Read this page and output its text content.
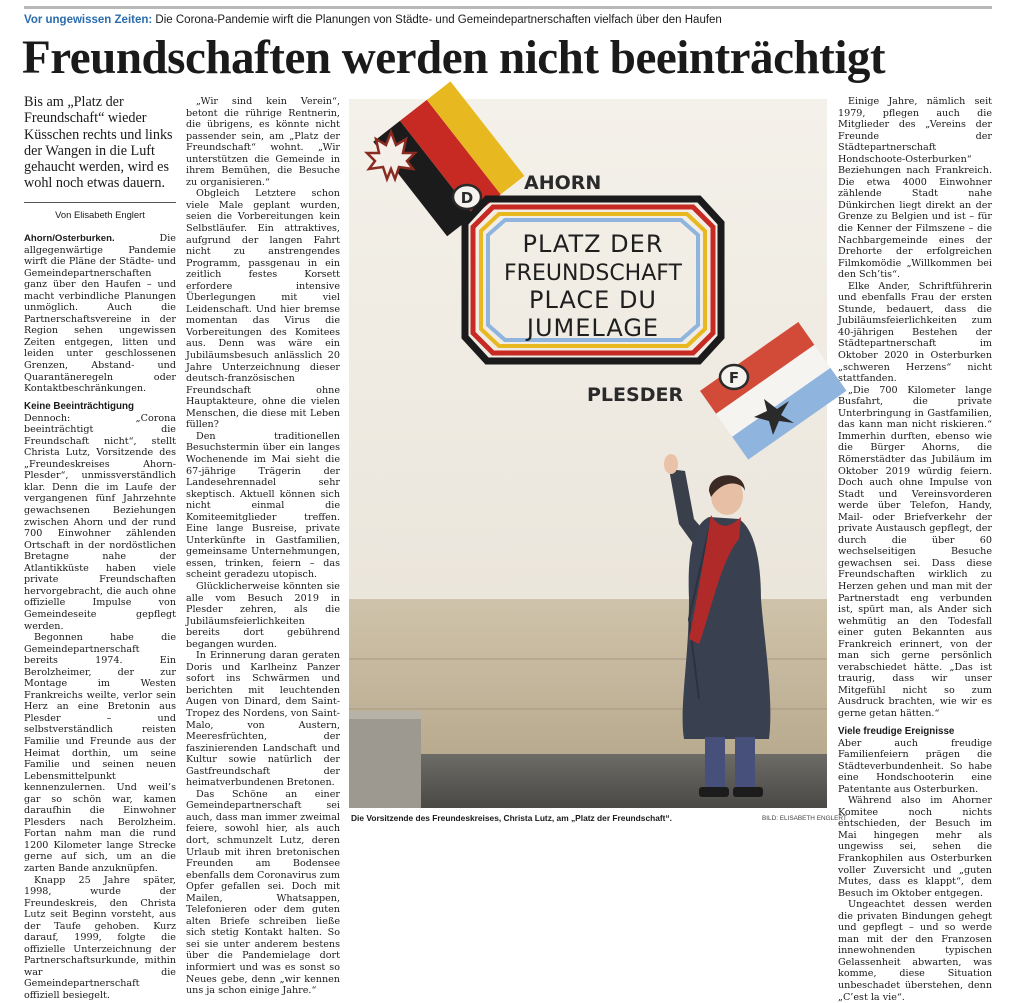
Vor ungewissen Zeiten: Die Corona-Pandemie wirft die Planungen von Städte- und Gemeindepartnerschaften vielfach über den Haufen
Freundschaften werden nicht beeinträchtigt
Bis am „Platz der Freundschaft“ wieder Küsschen rechts und links der Wangen in die Luft gehaucht werden, wird es wohl noch etwas dauern.
Von Elisabeth Englert

Ahorn/Osterburken. Die allgegenwärtige Pandemie wirft die Pläne der Städte- und Gemeindepartnerschaften ganz über den Haufen – und macht verbindliche Planungen unmöglich. Auch die Partnerschaftsvereine in der Region sehen ungewissen Zeiten entgegen, litten und leiden unter geschlossenen Grenzen, Abstand- und Quarantäneregeln oder Kontaktbeschränkungen.

Keine Beeinträchtigung

Dennoch: „Corona beeinträchtigt die Freundschaft nicht“, stellt Christa Lutz, Vorsitzende des „Freundeskreises Ahorn-Plesder“, unmissverständlich klar. Denn die im Laufe der vergangenen fünf Jahrzehnte gewachsenen Beziehungen zwischen Ahorn und der rund 700 Einwohner zählenden Ortschaft in der nordöstlichen Bretagne nahe der Atlantikküste haben viele private Freundschaften hervorgebracht, die auch ohne offizielle Impulse von Gemeindeseite gepflegt werden.

Begonnen habe die Gemeindepartnerschaft bereits 1974. Ein Berolzheimer, der zur Montage im Westen Frankreichs weilte, verlor sein Herz an eine Bretonin aus Plesder – und selbstverständlich reisten Familie und Freunde aus der Heimat dorthin, um seine Familie und seinen neuen Lebensmittelpunkt kennenzulernen. Und weil’s gar so schön war, kamen daraufhin die Einwohner Plesders nach Berolzheim. Fortan nahm man die rund 1200 Kilometer lange Strecke gerne auf sich, um an die zarten Bande anzuknüpfen.

Knapp 25 Jahre später, 1998, wurde der Freundeskreis, den Christa Lutz seit Beginn vorsteht, aus der Taufe gehoben. Kurz darauf, 1999, folgte die offizielle Unterzeichnung der Partnerschaftsurkunde, mithin war die Gemeindepartnerschaft offiziell besiegelt.

„Wir sind kein Verein“, betont die rührige Rentnerin, die übrigens, es könnte nicht passender sein, am „Platz der Freundschaft“ wohnt. „Wir unterstützen die Gemeinde in ihrem Bemühen, die Besuche zu organisieren.“

Obgleich Letztere schon viele Male geplant wurden, seien die Vorbereitungen kein Selbstläufer. Ein attraktives, aufgrund der langen Fahrt nicht zu anstrengendes Programm, passgenau in ein zeitlich festes Korsett erfordere intensive Überlegungen mit viel Leidenschaft. Und hier bremse momentan das Virus die Vorbereitungen des Komitees aus. Denn was wäre ein Jubiläumsbesuch anlässlich 20 Jahre Unterzeichnung dieser deutsch-französischen Freundschaft ohne Hauptakteure, ohne die vielen Menschen, die diese mit Leben füllen?

Den traditionellen Besuchstermin über ein langes Wochenende im Mai sieht die 67-jährige Trägerin der Landesehrennadel sehr skeptisch. Aktuell können sich nicht einmal die Komiteemitglieder treffen. Eine lange Busreise, private Unterkünfte in Gastfamilien, gemeinsame Unternehmungen, essen, trinken, feiern – das scheint geradezu utopisch.

Glücklicherweise könnten sie alle vom Besuch 2019 in Plesder zehren, als die Jubiläumsfeierlichkeiten bereits dort gebührend begangen wurden.

In Erinnerung daran geraten Doris und Karlheinz Panzer sofort ins Schwärmen und berichten mit leuchtenden Augen von Dinard, dem Saint-Tropez des Nordens, von Saint-Malo, von Austern, Meeresfrüchten, der faszinierenden Landschaft und Kultur sowie natürlich der Gastfreundschaft der heimatverbundenen Bretonen.

Das Schöne an einer Gemeindepartnerschaft sei auch, dass man immer zweimal feiere, sowohl hier, als auch dort, schmunzelt Lutz, deren Urlaub mit ihren bretonischen Freunden am Bodensee ebenfalls dem Coronavirus zum Opfer gefallen sei. Doch mit Mailen, Whatsappen, Telefonieren oder dem guten alten Briefe schreiben ließe sich stetig Kontakt halten. So sei sie unter anderem bestens über die Pandemielage dort informiert und was es sonst so Neues gebe, denn „wir kennen uns ja schon einige Jahre.“

Einige Jahre, nämlich seit 1979, pflegen auch die Mitglieder des „Vereins der Freunde der Städtepartnerschaft Hondschoote-Osterburken“ Beziehungen nach Frankreich. Die etwa 4000 Einwohner zählende Stadt nahe Dünkirchen liegt direkt an der Grenze zu Belgien und ist – für die Kenner der Filmszene – die Nachbargemeinde eines der Drehorte der erfolgreichen Filmkomödie „Willkommen bei den Sch’tis“.

Elke Ander, Schriftführerin und ebenfalls Frau der ersten Stunde, bedauert, dass die Jubiläumsfeierlichkeiten zum 40-jährigen Bestehen der Städtepartnerschaft im Oktober 2020 in Osterburken „schweren Herzens“ nicht stattfanden.

„Die 700 Kilometer lange Busfahrt, die private Unterbringung in Gastfamilien, das kann man nicht riskieren.“ Immerhin durften, ebenso wie die Bürger Ahorns, die Römerstädter das Jubiläum im Oktober 2019 würdig feiern. Doch auch ohne Impulse von Stadt und Vereinsvorderen werde über Telefon, Handy, Mail- oder Briefverkehr der private Austausch gepflegt, der durch die über 60 wechselseitigen Besuche gewachsen sei. Dass diese Freundschaften wirklich zu Herzen gehen und man mit der Partnerstadt eng verbunden ist, spürt man, als Ander sich wehmütig an den Todesfall einer guten Bekannten aus Frankreich erinnert, von der man sich gerne persönlich verabschiedet hätte. „Das ist traurig, dass wir unser Mitgefühl nicht so zum Ausdruck brachten, wie wir es gerne getan hätten.“

Viele freudige Ereignisse

Aber auch freudige Familienfeiern prägen die Städteverbundenheit. So habe eine Hondschooterin eine Patentante aus Osterburken.

Während also im Ahorner Komitee noch nichts entschieden, der Besuch im Mai hingegen mehr als ungewiss sei, sehen die Frankophilen aus Osterburken voller Zuversicht und „guten Mutes, dass es klappt“, dem Besuch im Oktober entgegen.

Ungeachtet dessen werden die privaten Bindungen gehegt und gepflegt – und so werde man mit der den Franzosen innewohnenden typischen Gelassenheit abwarten, was komme, diese Situation unbeschadet überstehen, denn „C’est la vie“.

AHORN
D
PLATZ DER
FREUNDSCHAFT
PLACE DU
JUMELAGE
F
PLESDER
Die Vorsitzende des Freundeskreises, Christa Lutz, am „Platz der Freundschaft“.	BILD: ELISABETH ENGLERT
